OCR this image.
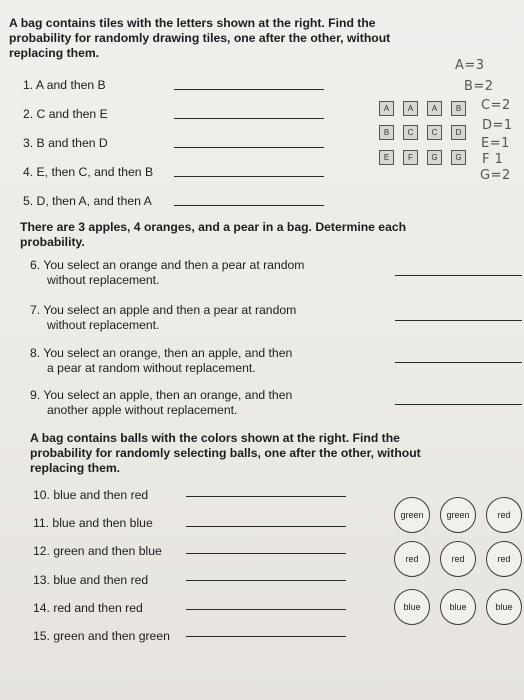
A bag contains tiles with the letters shown at the right. Find the
probability for randomly drawing tiles, one after the other, without
replacing them.
1. A and then B
2. C and then E
3. B and then D
4. E, then C, and then B
5. D, then A, and then A
A	A	A	B
B	C	C	D
E	F	G	G
A=3
B=2
C=2
D=1
E=1
F 1
G=2
There are 3 apples, 4 oranges, and a pear in a bag. Determine each
probability.
6. You select an orange and then a pear at random
without replacement.
7. You select an apple and then a pear at random
without replacement.
8. You select an orange, then an apple, and then
a pear at random without replacement.
9. You select an apple, then an orange, and then
another apple without replacement.
A bag contains balls with the colors shown at the right. Find the
probability for randomly selecting balls, one after the other, without
replacing them.
10. blue and then red
11. blue and then blue
12. green and then blue
13. blue and then red
14. red and then red
15. green and then green
green	green	red
red	red	red
blue	blue	blue
